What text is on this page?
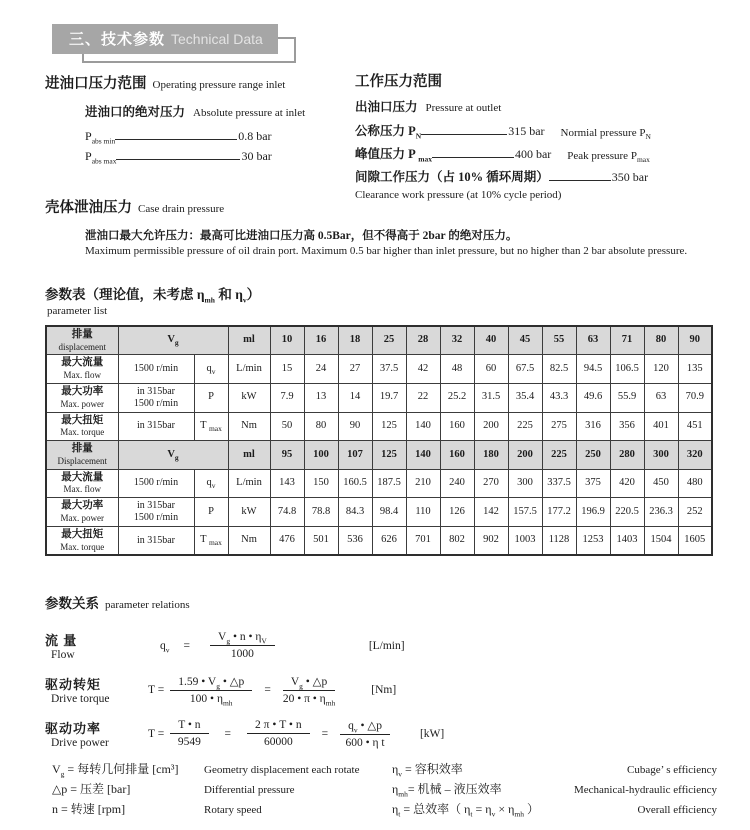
三、技术参数 Technical Data
进油口压力范围 Operating pressure range inlet
进油口的绝对压力 Absolute pressure at inlet
$P_{abs min}$	0.8 bar
$P_{abs max}$	30 bar
工作压力范围
出油口压力 Pressure at outlet
公称压力 $P_N$	315 bar Normial pressure $P_N$
峰值压力 P $_{max}$	400 bar Peak pressure $P_{max}$
间隙工作压力（占 10% 循环周期）	350 bar
Clearance work pressure (at 10% cycle period)
壳体泄油压力 Case drain pressure
泄油口最大允许压力：最高可比进油口压力高 0.5Bar，但不得高于 2bar 的绝对压力。
Maximum permissible pressure of oil drain port. Maximum 0.5 bar higher than inlet pressure, but no higher than 2 bar absolute pressure.
参数表（理论值，未考虑 $\eta_{mh}$ 和 $\eta_v$）
parameter list
排量
displacement	$V_g$		ml	10	16	18	25	28	32	40	45	55	63	71	80	90

最大流量
Max. flow	1500 r/min	$q_v$	L/min	15	24	27	37.5	42	48	60	67.5	82.5	94.5	106.5	120	135

最大功率
Max. power	in 315bar
1500 r/min	P	kW	7.9	13	14	19.7	22	25.2	31.5	35.4	43.3	49.6	55.9	63	70.9

最大扭矩
Max. torque	in 315bar	T $_{max}$	Nm	50	80	90	125	140	160	200	225	275	316	356	401	451

排量
Displacement	$V_g$		ml	95	100	107	125	140	160	180	200	225	250	280	300	320

最大流量
Max. flow	1500 r/min	$q_v$	L/min	143	150	160.5	187.5	210	240	270	300	337.5	375	420	450	480

最大功率
Max. power	in 315bar
1500 r/min	P	kW	74.8	78.8	84.3	98.4	110	126	142	157.5	177.2	196.9	220.5	236.3	252

最大扭矩
Max. torque	in 315bar	T $_{max}$	Nm	476	501	536	626	701	802	902	1003	1128	1253	1403	1504	1605
参数关系 parameter relations
流 量
Flow
$q_v = \frac{V_g • n • \eta_V}{1000}$	[L/min]
驱动转矩
Drive torque
$T = \frac{1.59 • V_g • \triangle p}{100 • \eta_{mh}} = \frac{V_g • \triangle p}{20 • \pi • \eta_{mh}}$	[Nm]
驱动功率
Drive power
$T = \frac{T • n}{9549} = \frac{2 \pi • T • n}{60000} = \frac{q_v • \triangle p}{\text{600 • η t}}$	[kW]
$V_g$ = 每转几何排量 [cm³]	Geometry displacement each rotate
△p = 压差 [bar]	Differential pressure
n = 转速 [rpm]	Rotary speed
$\eta_v$ = 容积效率	Cubage’ s efficiency
$\eta_{mh}=$ 机械 – 液压效率	Mechanical-hydraulic efficiency
$\eta_t$ = 总效率（ $\eta_t = \eta_v \times \eta_{mh}$ ）	Overall efficiency
